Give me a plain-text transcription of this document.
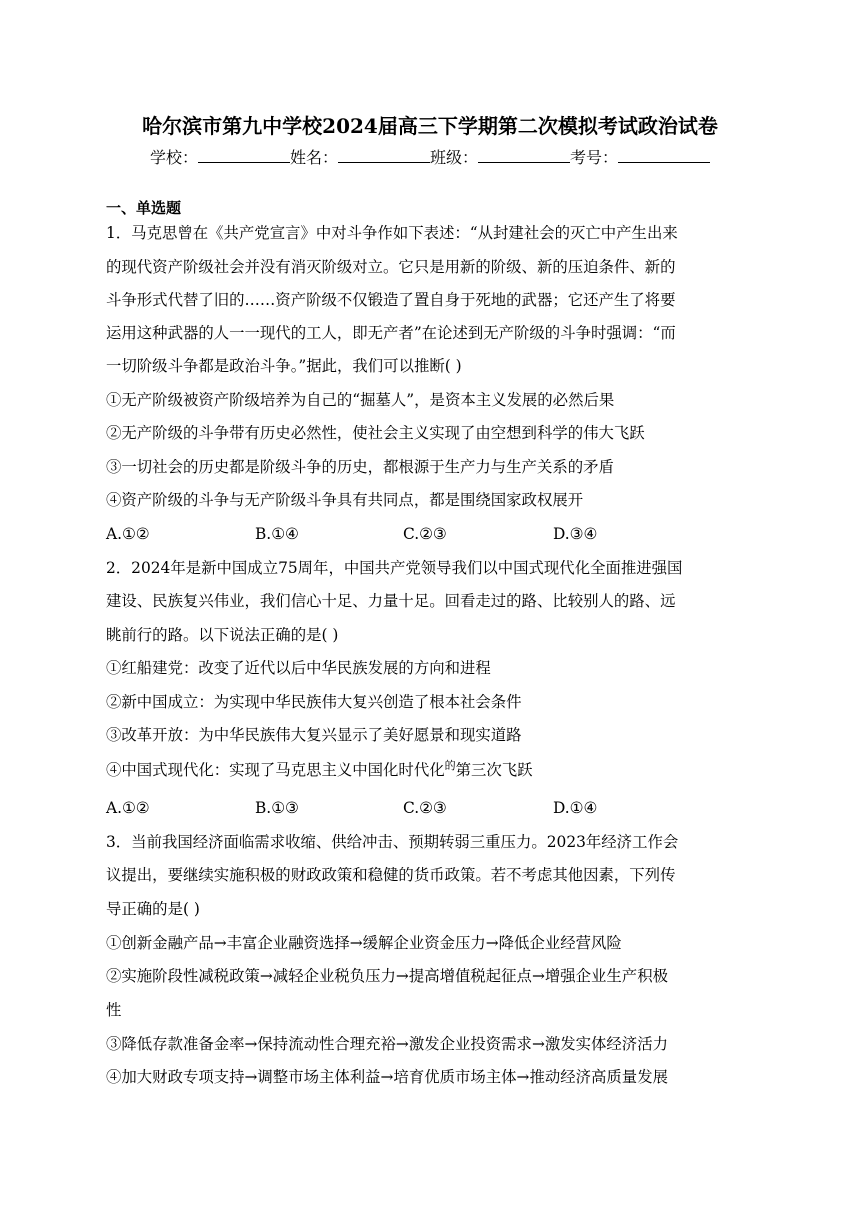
哈尔滨市第九中学校2024届高三下学期第二次模拟考试政治试卷
学校：	姓名：	班级：	考号：
一、单选题
1．马克思曾在《共产党宣言》中对斗争作如下表述：“从封建社会的灭亡中产生出来
的现代资产阶级社会并没有消灭阶级对立。它只是用新的阶级、新的压迫条件、新的
斗争形式代替了旧的……资产阶级不仅锻造了置自身于死地的武器；它还产生了将要
运用这种武器的人一一现代的工人，即无产者”在论述到无产阶级的斗争时强调：“而
一切阶级斗争都是政治斗争。”据此，我们可以推断( )
①无产阶级被资产阶级培养为自己的“掘墓人”，是资本主义发展的必然后果
②无产阶级的斗争带有历史必然性，使社会主义实现了由空想到科学的伟大飞跃
③一切社会的历史都是阶级斗争的历史，都根源于生产力与生产关系的矛盾
④资产阶级的斗争与无产阶级斗争具有共同点，都是围绕国家政权展开
A.①②	B.①④	C.②③	D.③④
2．2024年是新中国成立75周年，中国共产党领导我们以中国式现代化全面推进强国
建设、民族复兴伟业，我们信心十足、力量十足。回看走过的路、比较别人的路、远
眺前行的路。以下说法正确的是( )
①红船建党：改变了近代以后中华民族发展的方向和进程
②新中国成立：为实现中华民族伟大复兴创造了根本社会条件
③改革开放：为中华民族伟大复兴显示了美好愿景和现实道路
④中国式现代化：实现了马克思主义中国化时代化$^的$第三次飞跃
A.①②	B.①③	C.②③	D.①④
3．当前我国经济面临需求收缩、供给冲击、预期转弱三重压力。2023年经济工作会
议提出，要继续实施积极的财政政策和稳健的货币政策。若不考虑其他因素，下列传
导正确的是( )
①创新金融产品→丰富企业融资选择→缓解企业资金压力→降低企业经营风险
②实施阶段性减税政策→减轻企业税负压力→提高增值税起征点→增强企业生产积极
性
③降低存款准备金率→保持流动性合理充裕→激发企业投资需求→激发实体经济活力
④加大财政专项支持→调整市场主体利益→培育优质市场主体→推动经济高质量发展
